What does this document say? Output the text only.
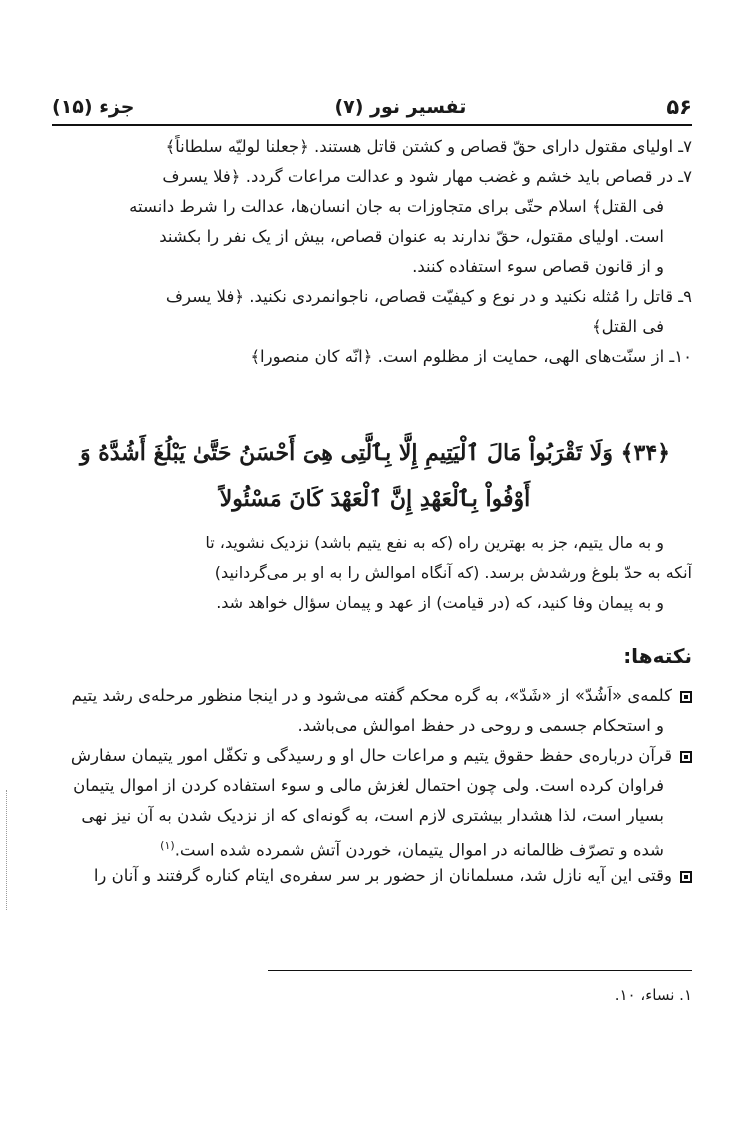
۵۶
تفسیر نور (۷)
جزء (۱۵)
۷ـ اولیای مقتول دارای حقّ قصاص و کشتن قاتل هستند. ﴿جعلنا لولیّه سلطاناً﴾
۷ـ در قصاص باید خشم و غضب مهار شود و عدالت مراعات گردد. ﴿فلا یسرف
فی القتل﴾ اسلام حتّی برای متجاوزات به جان انسان‌ها، عدالت را شرط دانسته
است. اولیای مقتول، حقّ ندارند به عنوان قصاص، بیش از یک نفر را بکشند
و از قانون قصاص سوء استفاده کنند.
۹ـ قاتل را مُثله نکنید و در نوع و کیفیّت قصاص، ناجوانمردی نکنید. ﴿فلا یسرف
فی القتل﴾
۱۰ـ از سنّت‌های الهی، حمایت از مظلوم است. ﴿انّه کان منصورا﴾
﴿۳۴﴾ وَلَا تَقْرَبُواْ مَالَ ٱلْيَتِيمِ إِلَّا بِٱلَّتِى هِىَ أَحْسَنُ حَتَّىٰ يَبْلُغَ أَشُدَّهُ وَ
أَوْفُواْ بِٱلْعَهْدِ إِنَّ ٱلْعَهْدَ كَانَ مَسْئُولاً
و به مال یتیم، جز به بهترین راه (که به نفع یتیم باشد) نزدیک نشوید، تا
آنکه به حدّ بلوغ ورشدش برسد. (که آنگاه اموالش را به او بر می‌گردانید)
و به پیمان وفا کنید، که (در قیامت) از عهد و پیمان سؤال خواهد شد.
نکته‌ها:
کلمه‌ی «اَشُدّ» از «شَدّ»، به گره محکم گفته می‌شود و در اینجا منظور مرحله‌ی رشد یتیم
و استحکام جسمی و روحی در حفظ اموالش می‌باشد.
قرآن درباره‌ی حفظ حقوق یتیم و مراعات حال او و رسیدگی و تکفّل امور یتیمان سفارش
فراوان کرده است. ولی چون احتمال لغزش مالی و سوء استفاده کردن از اموال یتیمان
بسیار است، لذا هشدار بیشتری لازم است، به گونه‌ای که از نزدیک شدن به آن نیز نهی
شده و تصرّف ظالمانه در اموال یتیمان، خوردن آتش شمرده شده است.$^{(۱)}$
وقتی این آیه نازل شد، مسلمانان از حضور بر سر سفره‌ی ایتام کناره گرفتند و آنان را
۱. نساء، ۱۰.
